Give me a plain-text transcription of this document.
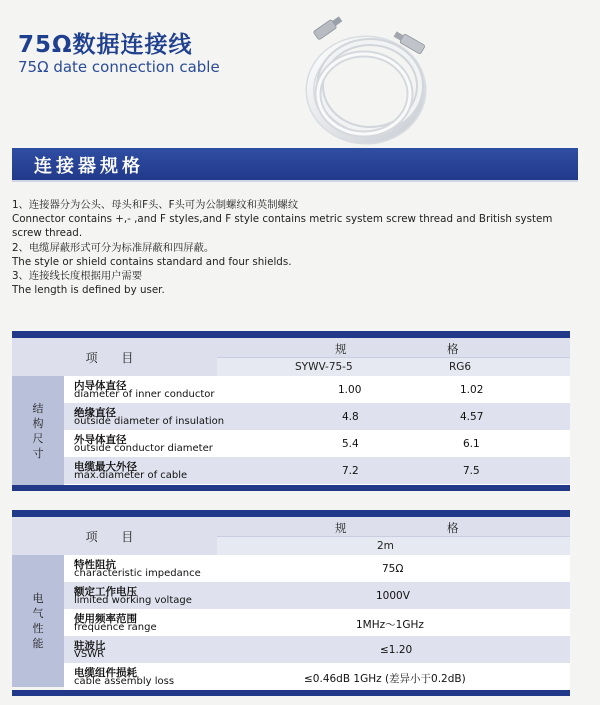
75Ω数据连接线
75Ω date connection cable
连接器规格
1、连接器分为公头、母头和F头、F头可为公制螺纹和英制螺纹
Connector contains +,- ,and F styles,and F style contains metric system screw thread and British system screw thread.
2、电缆屏蔽形式可分为标准屏蔽和四屏蔽。
The style or shield contains standard and four shields.
3、连接线长度根据用户需要
The length is defined by user.
项 目
规	格
SYWV-75-5	RG6
结
构
尺
寸
内导体直径
diameter of inner conductor	1.00	1.02
绝缘直径
outside diameter of insulation	4.8	4.57
外导体直径
outside conductor diameter	5.4	6.1
电缆最大外径
max.diameter of cable	7.2	7.5
项 目
规	格
2m
电
气
性
能
特性阻抗
characteristic impedance	75Ω
额定工作电压
limited working voltage	1000V
使用频率范围
frequence range	1MHz～1GHz
驻波比
VSWR	≤1.20
电缆组件损耗
cable assembly loss	≤0.46dB 1GHz (差异小于0.2dB)
